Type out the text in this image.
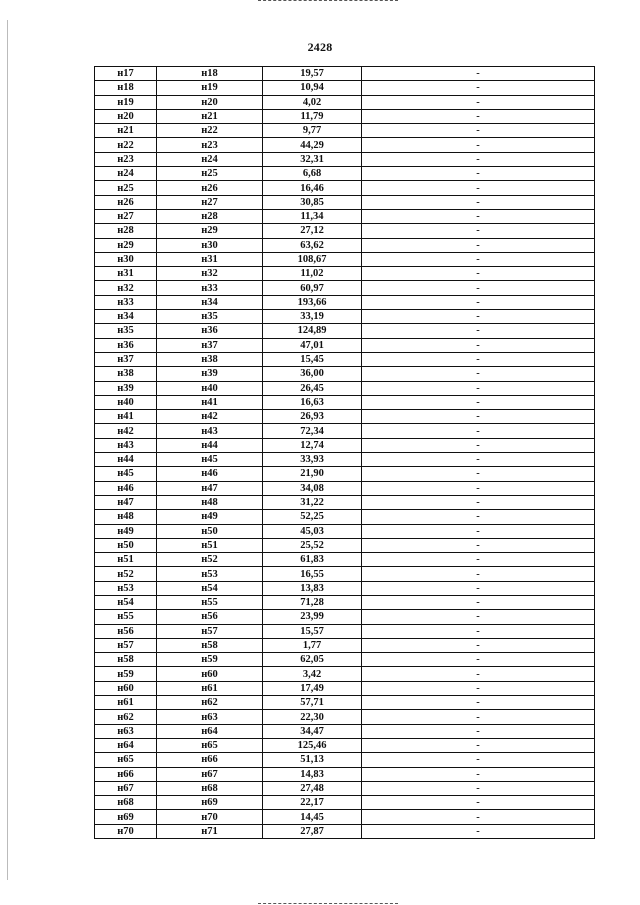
2428
н17	н18	19,57	-
н18	н19	10,94	-
н19	н20	4,02	-
н20	н21	11,79	-
н21	н22	9,77	-
н22	н23	44,29	-
н23	н24	32,31	-
н24	н25	6,68	-
н25	н26	16,46	-
н26	н27	30,85	-
н27	н28	11,34	-
н28	н29	27,12	-
н29	н30	63,62	-
н30	н31	108,67	-
н31	н32	11,02	-
н32	н33	60,97	-
н33	н34	193,66	-
н34	н35	33,19	-
н35	н36	124,89	-
н36	н37	47,01	-
н37	н38	15,45	-
н38	н39	36,00	-
н39	н40	26,45	-
н40	н41	16,63	-
н41	н42	26,93	-
н42	н43	72,34	-
н43	н44	12,74	-
н44	н45	33,93	-
н45	н46	21,90	-
н46	н47	34,08	-
н47	н48	31,22	-
н48	н49	52,25	-
н49	н50	45,03	-
н50	н51	25,52	-
н51	н52	61,83	-
н52	н53	16,55	-
н53	н54	13,83	-
н54	н55	71,28	-
н55	н56	23,99	-
н56	н57	15,57	-
н57	н58	1,77	-
н58	н59	62,05	-
н59	н60	3,42	-
н60	н61	17,49	-
н61	н62	57,71	-
н62	н63	22,30	-
н63	н64	34,47	-
н64	н65	125,46	-
н65	н66	51,13	-
н66	н67	14,83	-
н67	н68	27,48	-
н68	н69	22,17	-
н69	н70	14,45	-
н70	н71	27,87	-
